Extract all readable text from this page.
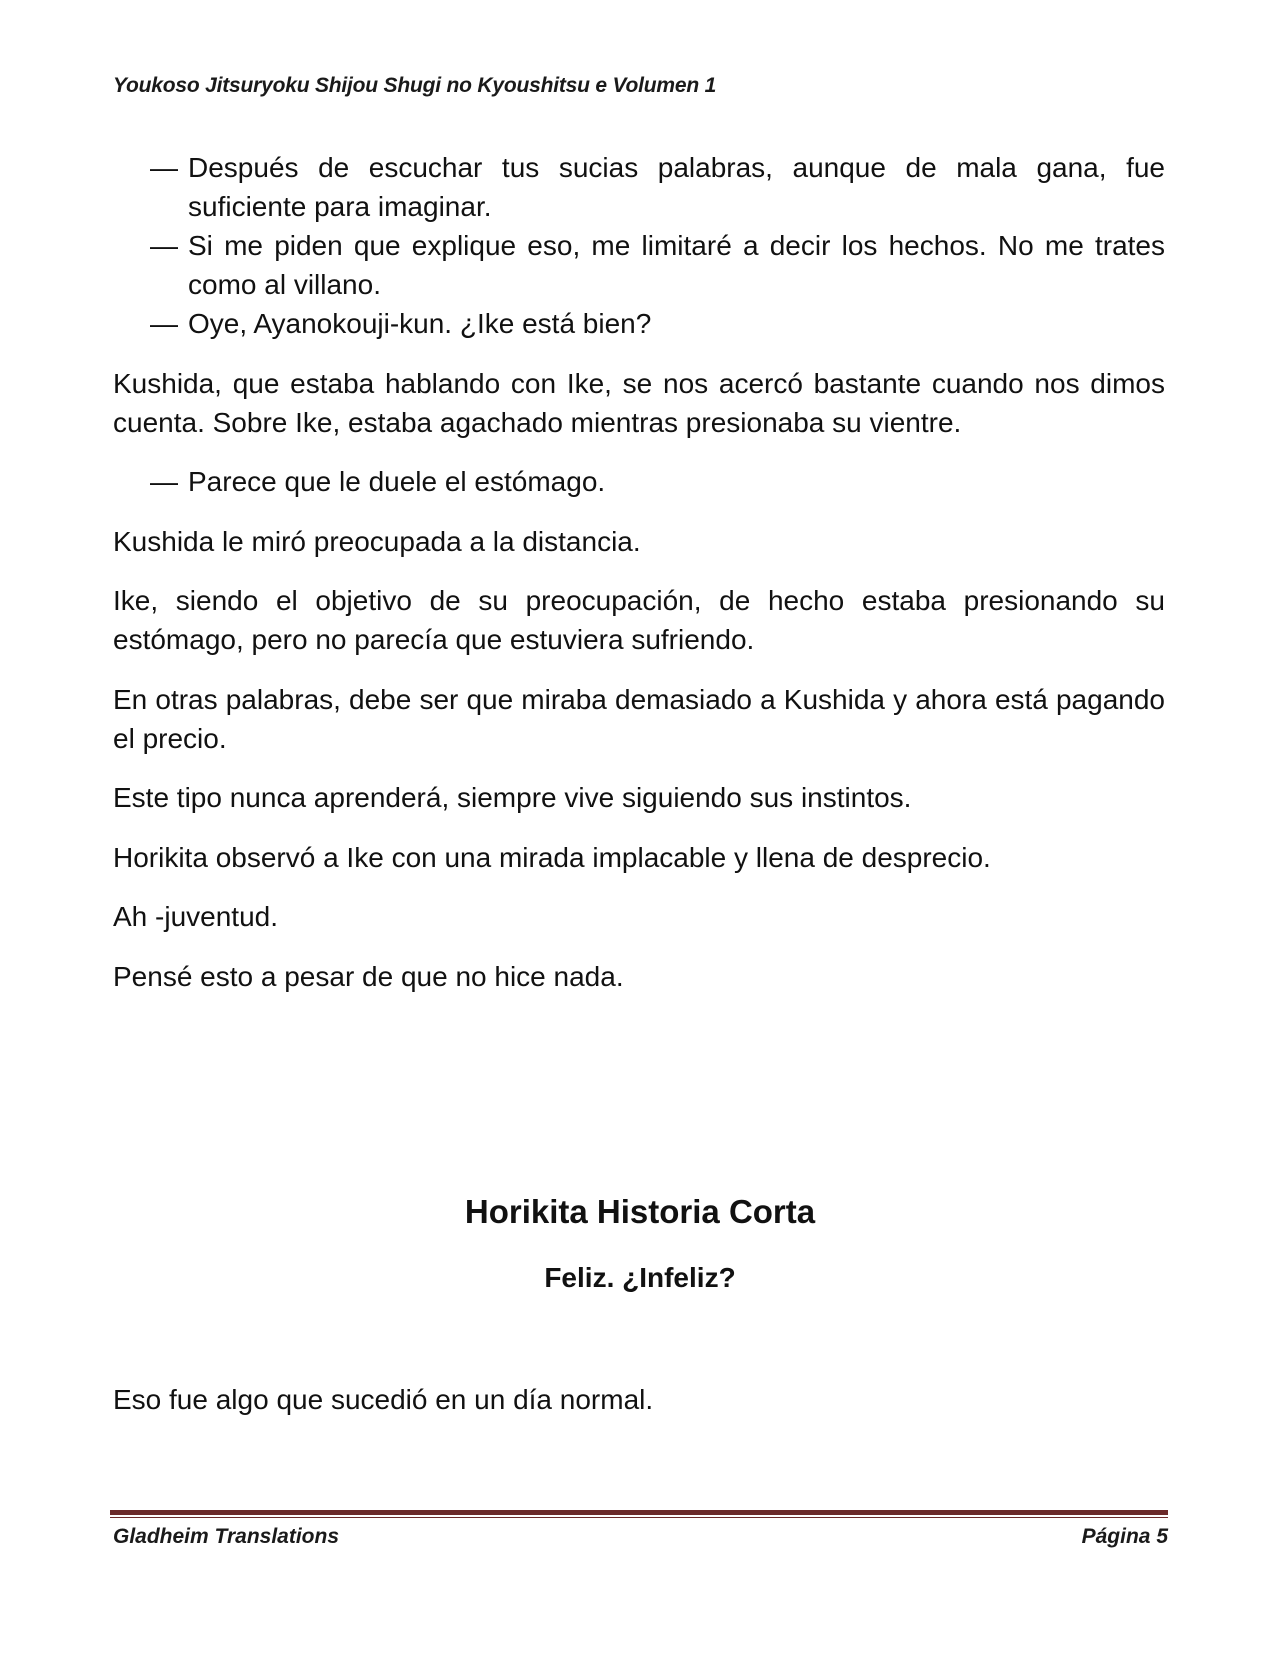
Youkoso Jitsuryoku Shijou Shugi no Kyoushitsu e Volumen 1
— Después de escuchar tus sucias palabras, aunque de mala gana, fue suficiente para imaginar.
— Si me piden que explique eso, me limitaré a decir los hechos. No me trates como al villano.
— Oye, Ayanokouji-kun. ¿Ike está bien?
Kushida, que estaba hablando con Ike, se nos acercó bastante cuando nos dimos cuenta. Sobre Ike, estaba agachado mientras presionaba su vientre.
— Parece que le duele el estómago.
Kushida le miró preocupada a la distancia.
Ike, siendo el objetivo de su preocupación, de hecho estaba presionando su estómago, pero no parecía que estuviera sufriendo.
En otras palabras, debe ser que miraba demasiado a Kushida y ahora está pagando el precio.
Este tipo nunca aprenderá, siempre vive siguiendo sus instintos.
Horikita observó a Ike con una mirada implacable y llena de desprecio.
Ah -juventud.
Pensé esto a pesar de que no hice nada.
Horikita Historia Corta
Feliz. ¿Infeliz?
Eso fue algo que sucedió en un día normal.
Gladheim Translations	Página 5
